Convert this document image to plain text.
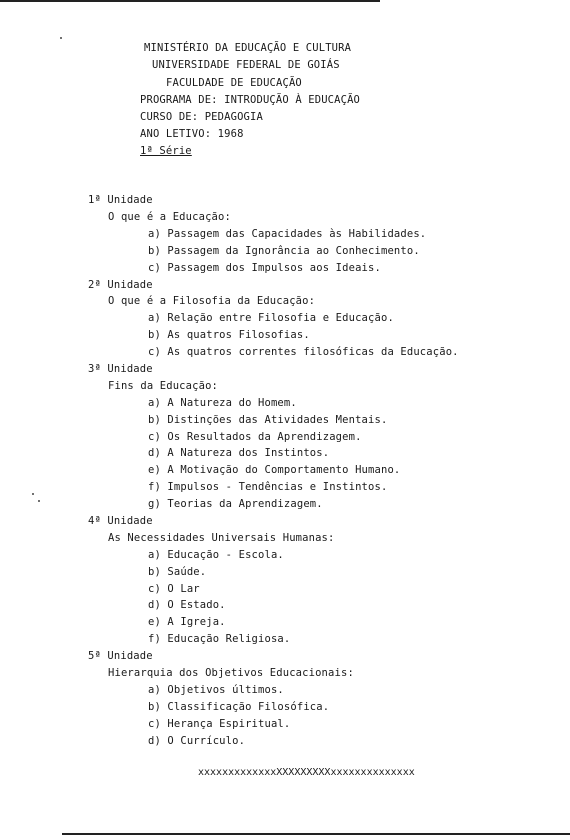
MINISTÉRIO DA EDUCAÇÃO E CULTURA
UNIVERSIDADE FEDERAL DE GOIÁS
FACULDADE DE EDUCAÇÃO
PROGRAMA DE: INTRODUÇÃO À EDUCAÇÃO
CURSO DE: PEDAGOGIA
ANO LETIVO: 1968
1ª Série
1ª Unidade
O que é a Educação:
a) Passagem das Capacidades às Habilidades.
b) Passagem da Ignorância ao Conhecimento.
c) Passagem dos Impulsos aos Ideais.
2ª Unidade
O que é a Filosofia da Educação:
a) Relação entre Filosofia e Educação.
b) As quatros Filosofias.
c) As quatros correntes filosóficas da Educação.
3ª Unidade
Fins da Educação:
a) A Natureza do Homem.
b) Distinções das Atividades Mentais.
c) Os Resultados da Aprendizagem.
d) A Natureza dos Instintos.
e) A Motivação do Comportamento Humano.
f) Impulsos - Tendências e Instintos.
g) Teorias da Aprendizagem.
4ª Unidade
As Necessidades Universais Humanas:
a) Educação - Escola.
b) Saúde.
c) O Lar
d) O Estado.
e) A Igreja.
f) Educação Religiosa.
5ª Unidade
Hierarquia dos Objetivos Educacionais:
a) Objetivos últimos.
b) Classificação Filosófica.
c) Herança Espiritual.
d) O Currículo.
xxxxxxxxxxxxxXXXXXXXXXxxxxxxxxxxxxxx
